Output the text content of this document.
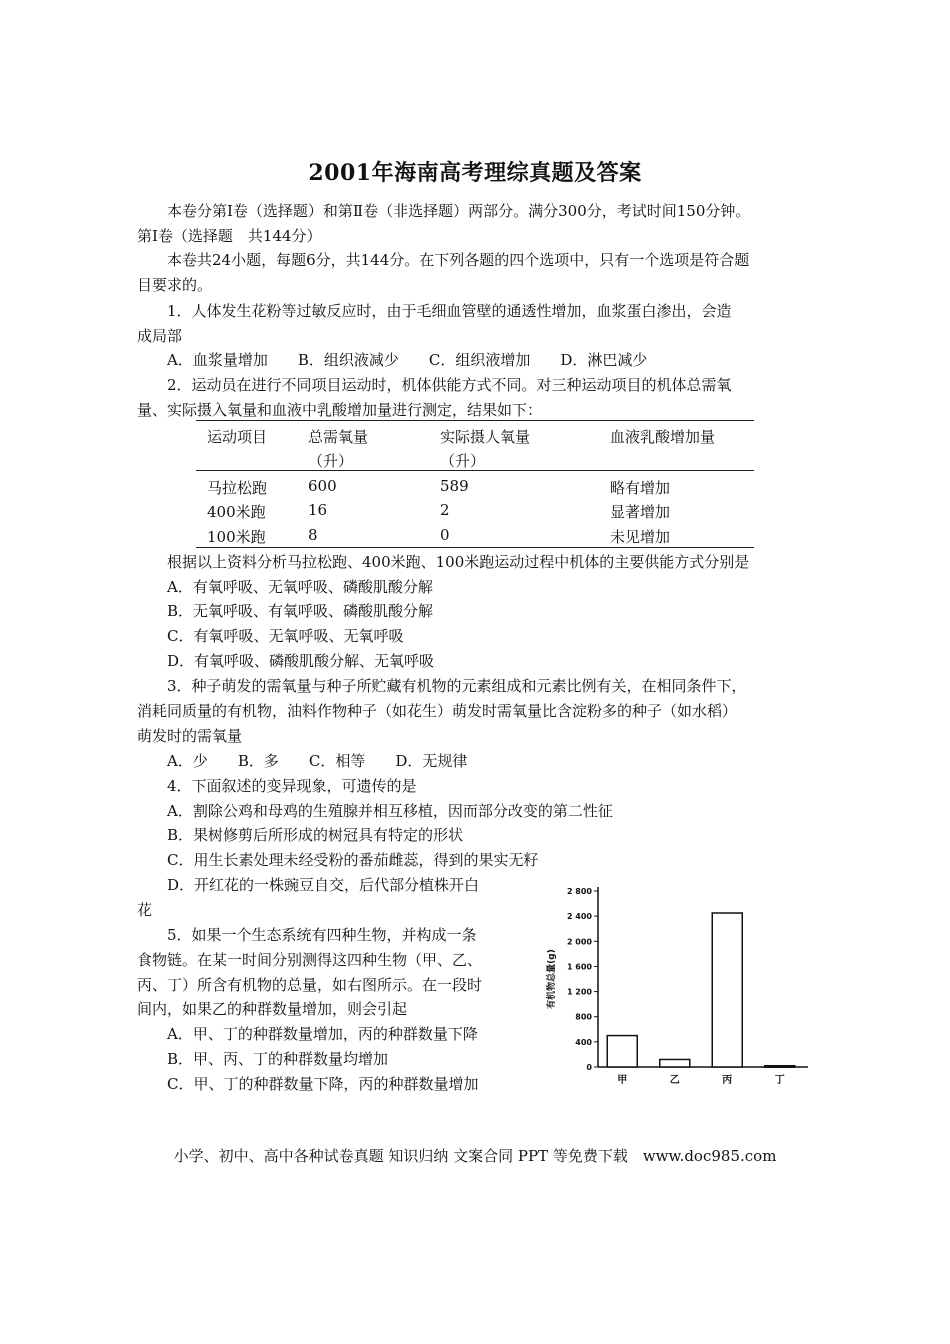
2001年海南高考理综真题及答案
本卷分第Ⅰ卷（选择题）和第Ⅱ卷（非选择题）两部分。满分300分，考试时间150分钟。
第Ⅰ卷（选择题　共144分）
本卷共24小题，每题6分，共144分。在下列各题的四个选项中，只有一个选项是符合题
目要求的。
1．人体发生花粉等过敏反应时，由于毛细血管壁的通透性增加，血浆蛋白渗出，会造
成局部
A．血浆量增加　　B．组织液减少　　C．组织液增加　　D．淋巴减少
2．运动员在进行不同项目运动时，机体供能方式不同。对三种运动项目的机体总需氧
量、实际摄入氧量和血液中乳酸增加量进行测定，结果如下：
运动项目	总需氧量	实际摄人氧量	血液乳酸增加量
（升）	（升）
马拉松跑	600	589	略有增加
400米跑	16	2	显著增加
100米跑	8	0	未见增加
根据以上资料分析马拉松跑、400米跑、100米跑运动过程中机体的主要供能方式分别是
A．有氧呼吸、无氧呼吸、磷酸肌酸分解
B．无氧呼吸、有氧呼吸、磷酸肌酸分解
C．有氧呼吸、无氧呼吸、无氧呼吸
D．有氧呼吸、磷酸肌酸分解、无氧呼吸
3．种子萌发的需氧量与种子所贮藏有机物的元素组成和元素比例有关，在相同条件下，
消耗同质量的有机物，油料作物种子（如花生）萌发时需氧量比含淀粉多的种子（如水稻）
萌发时的需氧量
A．少　　B．多　　C．相等　　D．无规律
4．下面叙述的变异现象，可遗传的是
A．割除公鸡和母鸡的生殖腺并相互移植，因而部分改变的第二性征
B．果树修剪后所形成的树冠具有特定的形状
C．用生长素处理未经受粉的番茄雌蕊，得到的果实无籽
D．开红花的一株豌豆自交，后代部分植株开白
花
5．如果一个生态系统有四种生物，并构成一条
食物链。在某一时间分别测得这四种生物（甲、乙、
丙、丁）所含有机物的总量，如右图所示。在一段时
间内，如果乙的种群数量增加，则会引起
A．甲、丁的种群数量增加，丙的种群数量下降
B．甲、丙、丁的种群数量均增加
C．甲、丁的种群数量下降，丙的种群数量增加
0
400
800
1 200
1 600
2 000
2 400
2 800
有机物总量(g)
甲	乙	丙	丁
小学、初中、高中各种试卷真题 知识归纳 文案合同 PPT 等免费下载　www.doc985.com
